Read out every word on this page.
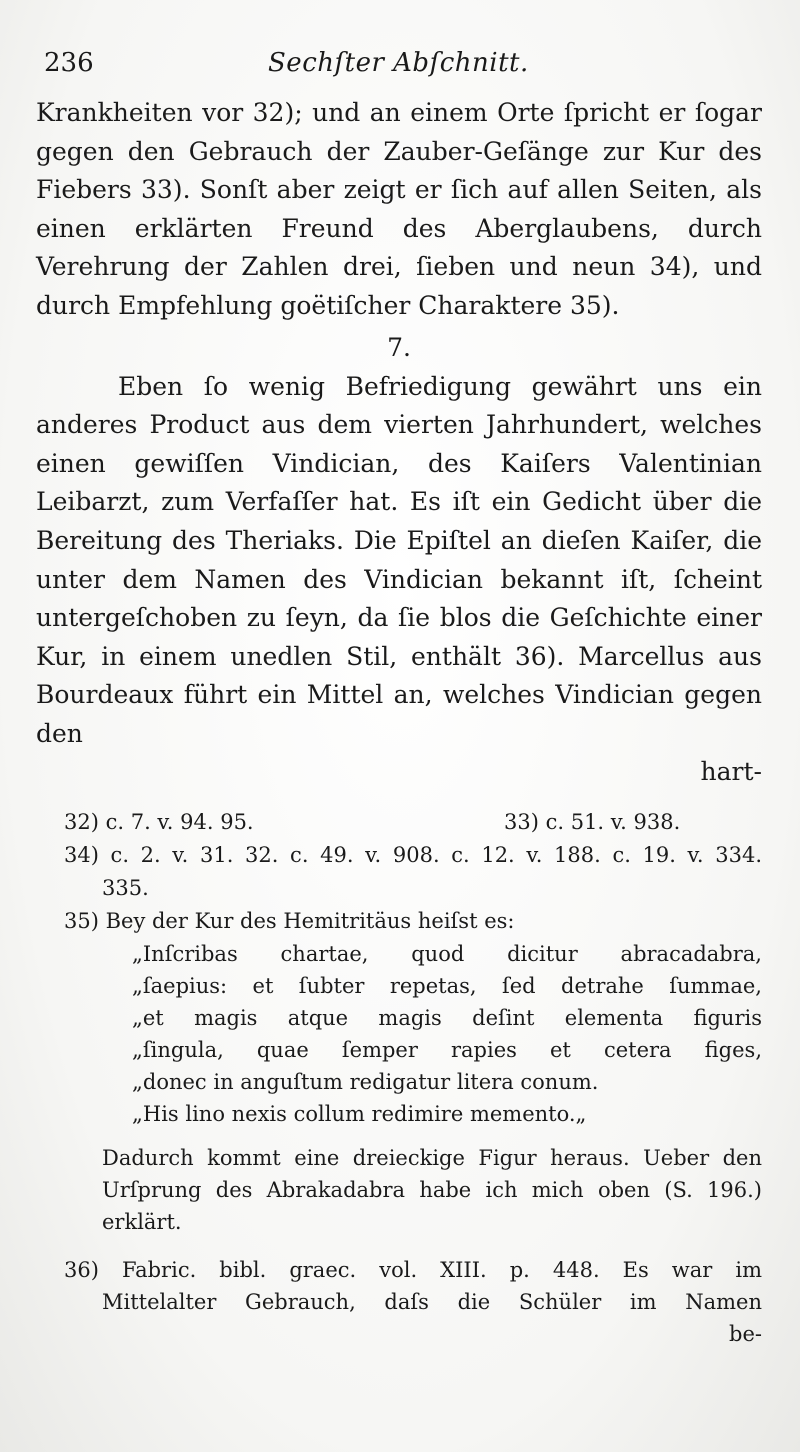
236	Sechſter Abſchnitt.

Krankheiten vor 32); und an einem Orte ſpricht er ſogar gegen den Gebrauch der Zauber-Geſänge zur Kur des Fiebers 33). Sonſt aber zeigt er ſich auf allen Seiten, als einen erklärten Freund des Aberglaubens, durch Verehrung der Zahlen drei, ſieben und neun 34), und durch Empfehlung goëtiſcher Charaktere 35).

7.

Eben ſo wenig Befriedigung gewährt uns ein anderes Product aus dem vierten Jahrhundert, welches einen gewiſſen Vindician, des Kaiſers Valentinian Leibarzt, zum Verfaſſer hat. Es iſt ein Gedicht über die Bereitung des Theriaks. Die Epiſtel an dieſen Kaiſer, die unter dem Namen des Vindician bekannt iſt, ſcheint untergeſchoben zu ſeyn, da ſie blos die Geſchichte einer Kur, in einem unedlen Stil, enthält 36). Marcellus aus Bourdeaux führt ein Mittel an, welches Vindician gegen den

hart-
32) c. 7. v. 94. 95.	33) c. 51. v. 938.
34) c. 2. v. 31. 32. c. 49. v. 908. c. 12. v. 188. c. 19. v. 334.
335.
35) Bey der Kur des Hemitritäus heiſst es:
„Inſcribas chartae, quod dicitur abracadabra,
„ſaepius: et ſubter repetas, ſed detrahe ſummae,
„et magis atque magis deſint elementa figuris
„ſingula, quae ſemper rapies et cetera figes,
„donec in anguſtum redigatur litera conum.
„His lino nexis collum redimire memento.„
Dadurch kommt eine dreieckige Figur heraus. Ueber den Urſprung des Abrakadabra habe ich mich oben (S. 196.) erklärt.
36) Fabric. bibl. graec. vol. XIII. p. 448. Es war im
Mittelalter Gebrauch, daſs die Schüler im Namen
be-
